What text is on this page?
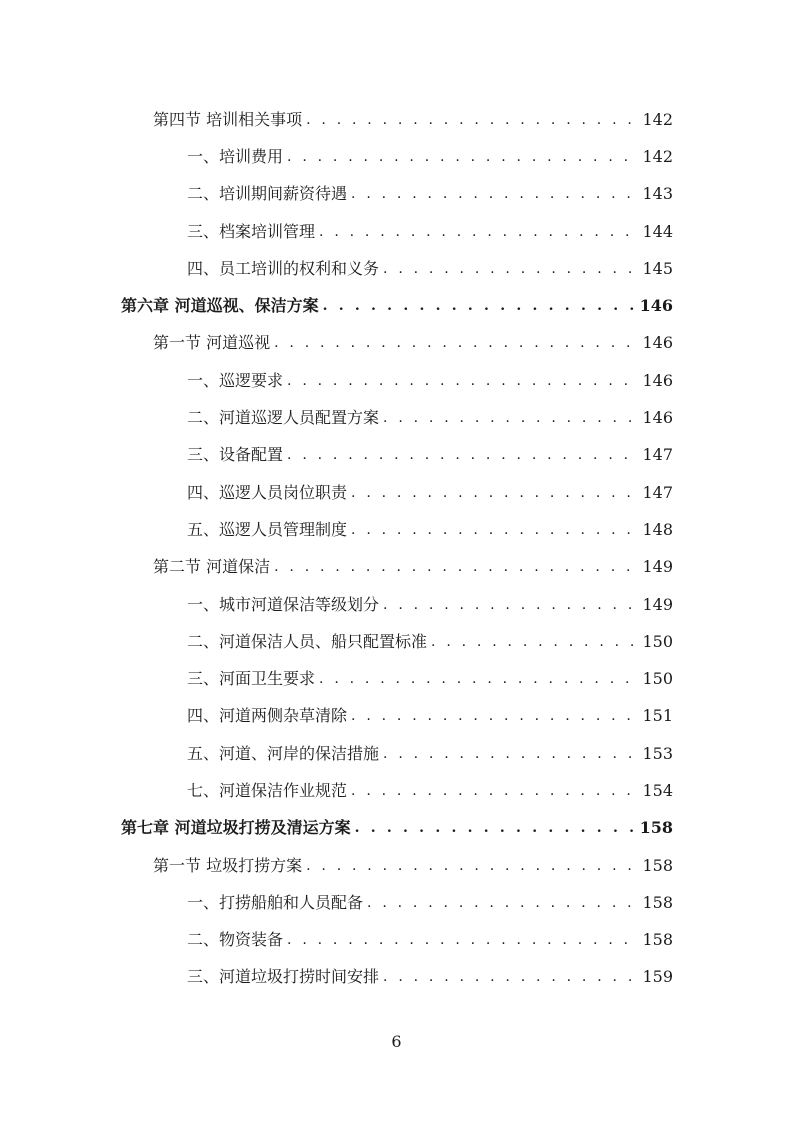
第四节 培训相关事项 . . .	142
一、培训费用 . . .	142
二、培训期间薪资待遇 . . .	143
三、档案培训管理 . . .	144
四、员工培训的权利和义务 . . .	145
第六章 河道巡视、保洁方案 . . .	146
第一节 河道巡视 . . .	146
一、巡逻要求 . . .	146
二、河道巡逻人员配置方案 . . .	146
三、设备配置 . . .	147
四、巡逻人员岗位职责 . . .	147
五、巡逻人员管理制度 . . .	148
第二节 河道保洁 . . .	149
一、城市河道保洁等级划分 . . .	149
二、河道保洁人员、船只配置标准 . . .	150
三、河面卫生要求 . . .	150
四、河道两侧杂草清除 . . .	151
五、河道、河岸的保洁措施 . . .	153
七、河道保洁作业规范 . . .	154
第七章 河道垃圾打捞及清运方案 . . .	158
第一节 垃圾打捞方案 . . .	158
一、打捞船舶和人员配备 . . .	158
二、物资装备 . . .	158
三、河道垃圾打捞时间安排 . . .	159
6
